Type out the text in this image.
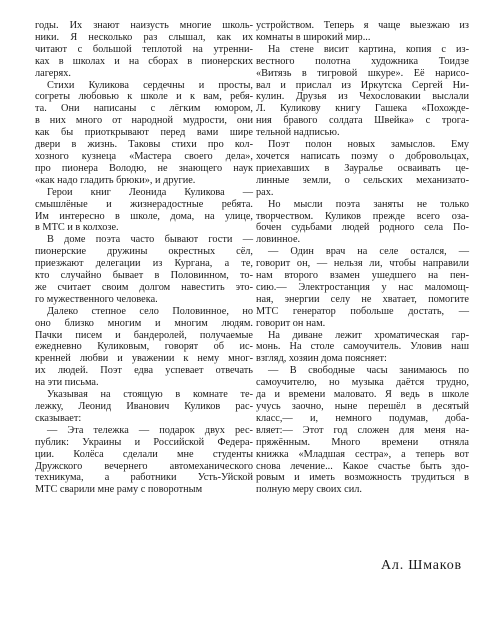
годы. Их знают наизусть многие школь-
ники. Я несколько раз слышал, как их
читают с большой теплотой на утренни-
ках в школах и на сборах в пионерских
лагерях.
Стихи Куликова сердечны и просты,
согреты любовью к школе и к вам, ребя-
та. Они написаны с лёгким юмором,
в них много от народной мудрости, они
как бы приоткрывают перед вами шире
двери в жизнь. Таковы стихи про кол-
хозного кузнеца «Мастера своего дела»,
про пионера Володю, не знающего наук
«как надо гладить брюки», и другие.
Герои книг Леонида Куликова —
смышлёные и жизнерадостные ребята.
Им интересно в школе, дома, на улице,
в МТС и в колхозе.
В доме поэта часто бывают гости —
пионерские дружины окрестных сёл,
приезжают делегации из Кургана, а те,
кто случайно бывает в Половинном, то-
же считает своим долгом навестить это-
го мужественного человека.
Далеко степное село Половинное, но
оно близко многим и многим людям.
Пачки писем и бандеролей, получаемые
ежедневно Куликовым, говорят об ис-
кренней любви и уважении к нему мног-
их людей. Поэт едва успевает отвечать
на эти письма.
Указывая на стоящую в комнате те-
лежку, Леонид Иванович Куликов рас-
сказывает:
— Эта тележка — подарок двух рес-
публик: Украины и Российской Федера-
ции. Колёса сделали мне студенты
Дружского вечернего автомеханического
техникума, а работники Усть-Уйской
МТС сварили мне раму с поворотным
устройством. Теперь я чаще выезжаю из
комнаты в широкий мир...
На стене висит картина, копия с из-
вестного полотна художника Тоидзе
«Витязь в тигровой шкуре». Её нарисо-
вал и прислал из Иркутска Сергей Ни-
кулин. Друзья из Чехословакии выслали
Л. Куликову книгу Гашека «Похожде-
ния бравого солдата Швейка» с трога-
тельной надписью.
Поэт полон новых замыслов. Ему
хочется написать поэму о добровольцах,
приехавших в Зауралье осваивать це-
линные земли, о сельских механизато-
рах.
Но мысли поэта заняты не только
творчеством. Куликов прежде всего оза-
бочен судьбами людей родного села По-
ловинное.
— Один врач на селе остался, —
говорит он, — нельзя ли, чтобы направили
нам второго взамен ушедшего на пен-
сию.— Электростанция у нас маломощ-
ная, энергии селу не хватает, помогите
МТС генератор побольше достать, —
говорит он нам.
На диване лежит хроматическая гар-
монь. На столе самоучитель. Уловив наш
взгляд, хозяин дома поясняет:
— В свободные часы занимаюсь по
самоучителю, но музыка даётся трудно,
да и времени маловато. Я ведь в школе
учусь заочно, ныне перешёл в десятый
класс,— и, немного подумав, доба-
вляет:— Этот год сложен для меня на-
пряжённым. Много времени отняла
книжка «Младшая сестра», а теперь вот
снова лечение... Какое счастье быть здо-
ровым и иметь возможность трудиться в
полную меру своих сил.
Ал. Шмаков
